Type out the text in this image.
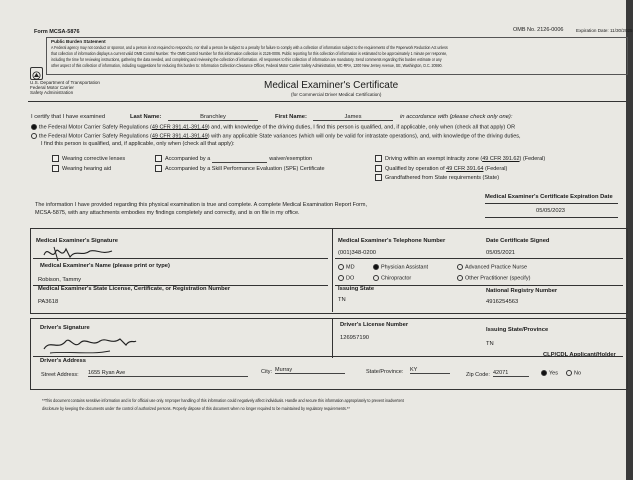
Form MCSA-5876	OMB No. 2126-0006	Expiration Date: 11/30/2025
Public Burden Statement
A Federal agency may not conduct or sponsor, and a person is not required to respond to, nor shall a person be subject to a penalty for failure to comply with a collection of information subject to the requirements of the Paperwork Reduction Act unless
that collection of information displays a current valid OMB Control Number. The OMB Control Number for this information collection is 2126-0006. Public reporting for this collection of information is estimated to be approximately 1 minute per response,
including the time for reviewing instructions, gathering the data needed, and completing and reviewing the collection of information. All responses to this collection of information are mandatory. Send comments regarding this burden estimate or any
other aspect of this collection of information, including suggestions for reducing this burden to: Information Collection Clearance Officer, Federal Motor Carrier Safety Administration, MC-RRA, 1200 New Jersey Avenue, SE, Washington, D.C. 20590.
U.S. Department of Transportation
Federal Motor Carrier
Safety Administration
Medical Examiner's Certificate
(for Commercial Driver Medical Certification)
I certify that I have examined	Last Name:	Branchley	First Name:	James	in accordance with (please check only one):
the Federal Motor Carrier Safety Regulations (49 CFR 391.41-391.49) and, with knowledge of the driving duties, I find this person is qualified, and, if applicable, only when (check all that apply) OR
the Federal Motor Carrier Safety Regulations (49 CFR 391.41-391.49) with any applicable State variances (which will only be valid for intrastate operations), and, with knowledge of the driving duties,
I find this person is qualified, and, if applicable, only when (check all that apply):
Wearing corrective lenses
Wearing hearing aid
Accompanied by a	waiver/exemption
Accompanied by a Skill Performance Evaluation (SPE) Certificate
Driving within an exempt intracity zone (49 CFR 391.62) (Federal)
Qualified by operation of 49 CFR 391.64 (Federal)
Grandfathered from State requirements (State)
The information I have provided regarding this physical examination is true and complete. A complete Medical Examination Report Form,
MCSA-5875, with any attachments embodies my findings completely and correctly, and is on file in my office.
Medical Examiner's Certificate Expiration Date
05/05/2023
Medical Examiner's Signature
Medical Examiner's Name (please print or type)
Robison, Tammy
Medical Examiner's State License, Certificate, or Registration Number
PA3618
Medical Examiner's Telephone Number
(001)348-0200
Date Certificate Signed
05/05/2021
MD	Physician Assistant	Advanced Practice Nurse
DO	Chiropractor	Other Practitioner (specify)
Issuing State
TN
National Registry Number
4916254563
Driver's Signature	Driver's License Number
126957190
Issuing State/Province
TN
Driver's Address
Street Address: 1655 Ryan Ave	City: Murray	State/Province: KY
Zip Code: 42071
CLP/CDL Applicant/Holder
Yes	No
**This document contains sensitive information and is for official use only. Improper handling of this information could negatively affect individuals. Handle and secure this information appropriately to prevent inadvertent
disclosure by keeping the documents under the control of authorized persons. Properly dispose of this document when no longer required to be maintained by regulatory requirements.**
